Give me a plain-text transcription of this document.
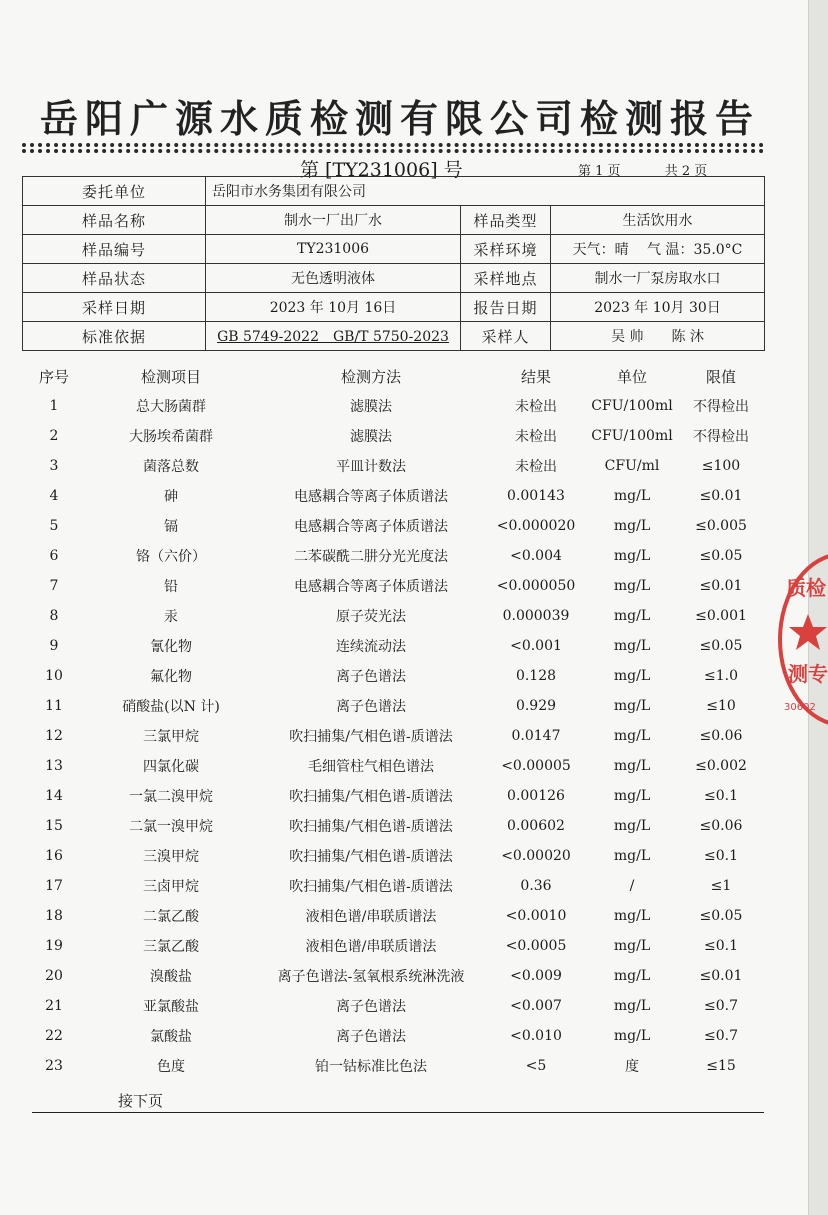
岳阳广源水质检测有限公司检测报告
第 [TY231006] 号	第 1 页	共 2 页
委托单位	岳阳市水务集团有限公司		
样品名称	制水一厂出厂水	样品类型	生活饮用水
样品编号	TY231006	采样环境	天气：晴　 气 温：35.0°C
样品状态	无色透明液体	采样地点	制水一厂泵房取水口
采样日期	2023 年 10月 16日	报告日期	2023 年 10月 30日
标准依据	GB 5749-2022　GB/T 5750-2023	采样人	吴 帅　　陈 沐
序号	检测项目	检测方法	结果	单位	限值
1	总大肠菌群	滤膜法	未检出	CFU/100ml	不得检出
2	大肠埃希菌群	滤膜法	未检出	CFU/100ml	不得检出
3	菌落总数	平皿计数法	未检出	CFU/ml	≤100
4	砷	电感耦合等离子体质谱法	0.00143	mg/L	≤0.01
5	镉	电感耦合等离子体质谱法	<0.000020	mg/L	≤0.005
6	铬（六价）	二苯碳酰二肼分光光度法	<0.004	mg/L	≤0.05
7	铅	电感耦合等离子体质谱法	<0.000050	mg/L	≤0.01
8	汞	原子荧光法	0.000039	mg/L	≤0.001
9	氰化物	连续流动法	<0.001	mg/L	≤0.05
10	氟化物	离子色谱法	0.128	mg/L	≤1.0
11	硝酸盐(以N 计)	离子色谱法	0.929	mg/L	≤10
12	三氯甲烷	吹扫捕集/气相色谱-质谱法	0.0147	mg/L	≤0.06
13	四氯化碳	毛细管柱气相色谱法	<0.00005	mg/L	≤0.002
14	一氯二溴甲烷	吹扫捕集/气相色谱-质谱法	0.00126	mg/L	≤0.1
15	二氯一溴甲烷	吹扫捕集/气相色谱-质谱法	0.00602	mg/L	≤0.06
16	三溴甲烷	吹扫捕集/气相色谱-质谱法	<0.00020	mg/L	≤0.1
17	三卤甲烷	吹扫捕集/气相色谱-质谱法	0.36	/	≤1
18	二氯乙酸	液相色谱/串联质谱法	<0.0010	mg/L	≤0.05
19	三氯乙酸	液相色谱/串联质谱法	<0.0005	mg/L	≤0.1
20	溴酸盐	离子色谱法-氢氧根系统淋洗液	<0.009	mg/L	≤0.01
21	亚氯酸盐	离子色谱法	<0.007	mg/L	≤0.7
22	氯酸盐	离子色谱法	<0.010	mg/L	≤0.7
23	色度	铂一钴标准比色法	<5	度	≤15
接下页
质检
测专
30602
